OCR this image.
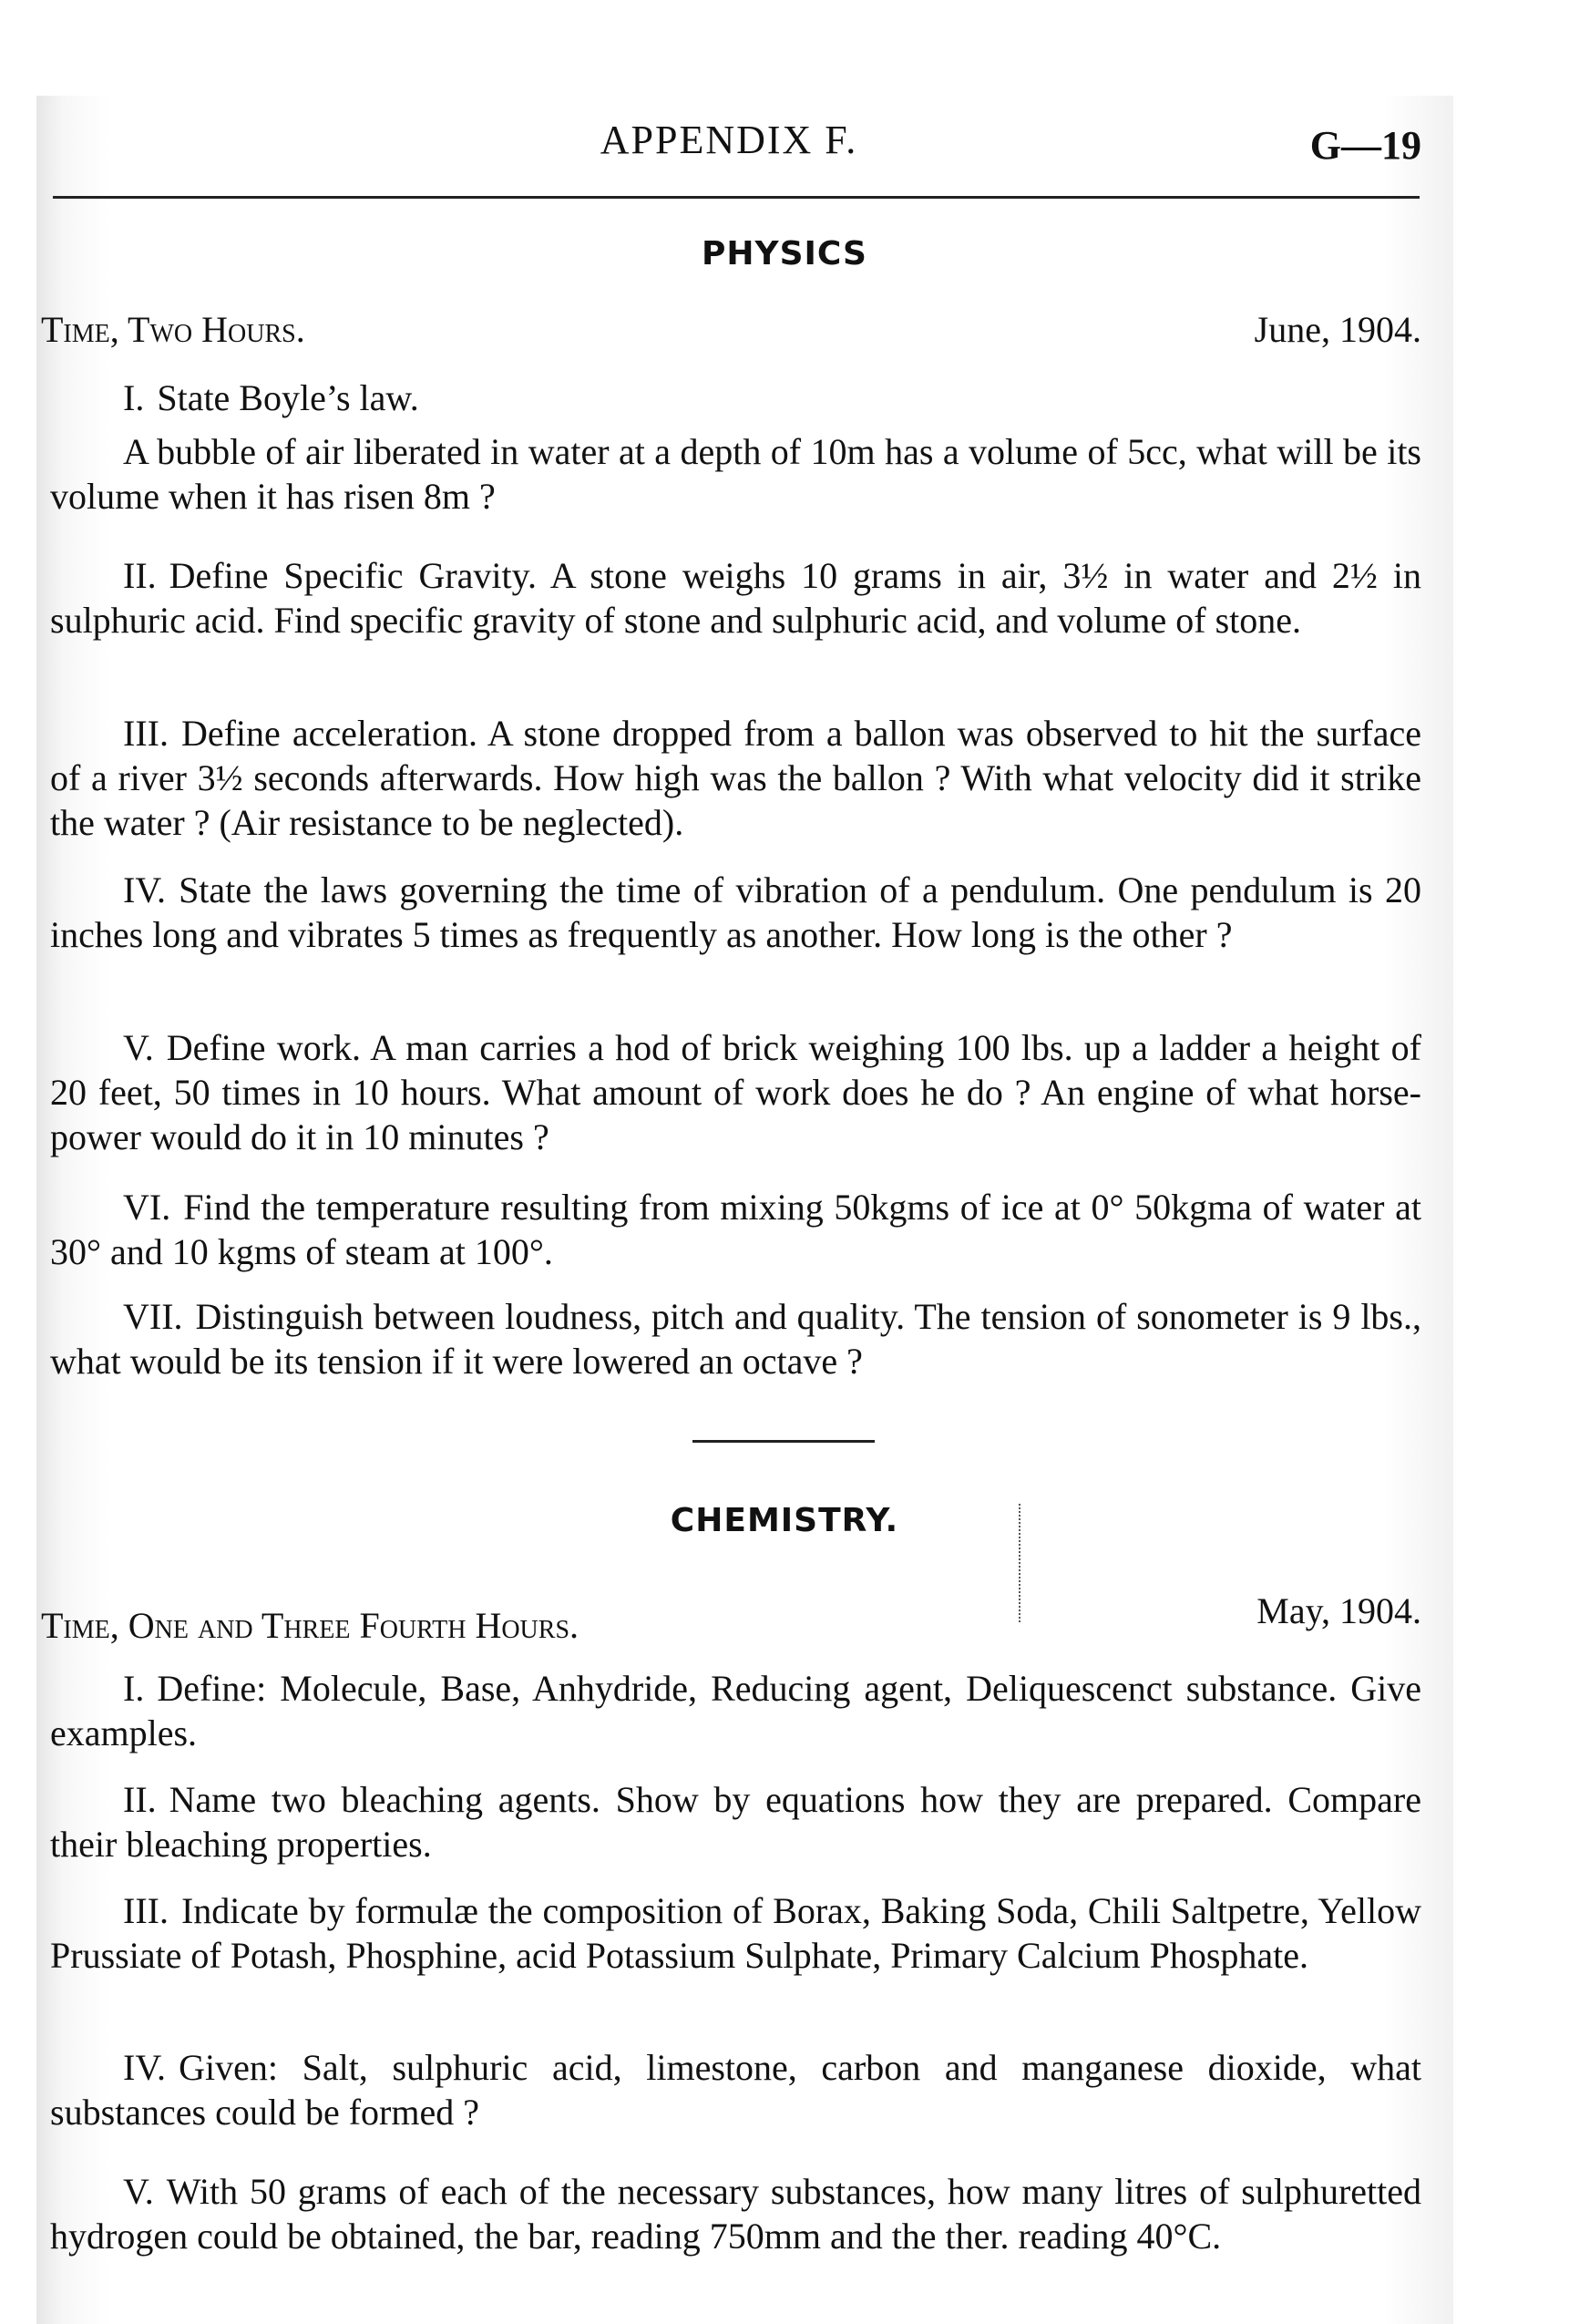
APPENDIX F.	G—19
PHYSICS
Time, Two Hours.	June, 1904.
I. State Boyle’s law.
A bubble of air liberated in water at a depth of 10m has a volume of 5cc, what will be its volume when it has risen 8m ?
II. Define Specific Gravity. A stone weighs 10 grams in air, 3½ in water and 2½ in sulphuric acid. Find specific gravity of stone and sulphuric acid, and volume of stone.
III. Define acceleration. A stone dropped from a ballon was observed to hit the surface of a river 3½ seconds afterwards. How high was the ballon ? With what velocity did it strike the water ? (Air resistance to be neglected).
IV. State the laws governing the time of vibration of a pendulum. One pendulum is 20 inches long and vibrates 5 times as frequently as another. How long is the other ?
V. Define work. A man carries a hod of brick weighing 100 lbs. up a ladder a height of 20 feet, 50 times in 10 hours. What amount of work does he do ? An engine of what horse-power would do it in 10 minutes ?
VI. Find the temperature resulting from mixing 50kgms of ice at 0° 50kgma of water at 30° and 10 kgms of steam at 100°.
VII. Distinguish between loudness, pitch and quality. The tension of sonometer is 9 lbs., what would be its tension if it were lowered an octave ?
CHEMISTRY.
Time, One and Three Fourth Hours.	May, 1904.
I. Define: Molecule, Base, Anhydride, Reducing agent, Deliquescenct substance. Give examples.
II. Name two bleaching agents. Show by equations how they are prepared. Compare their bleaching properties.
III. Indicate by formulæ the composition of Borax, Baking Soda, Chili Saltpetre, Yellow Prussiate of Potash, Phosphine, acid Potassium Sulphate, Primary Calcium Phosphate.
IV. Given: Salt, sulphuric acid, limestone, carbon and manganese dioxide, what substances could be formed ?
V. With 50 grams of each of the necessary substances, how many litres of sulphuretted hydrogen could be obtained, the bar, reading 750mm and the ther. reading 40°C.
